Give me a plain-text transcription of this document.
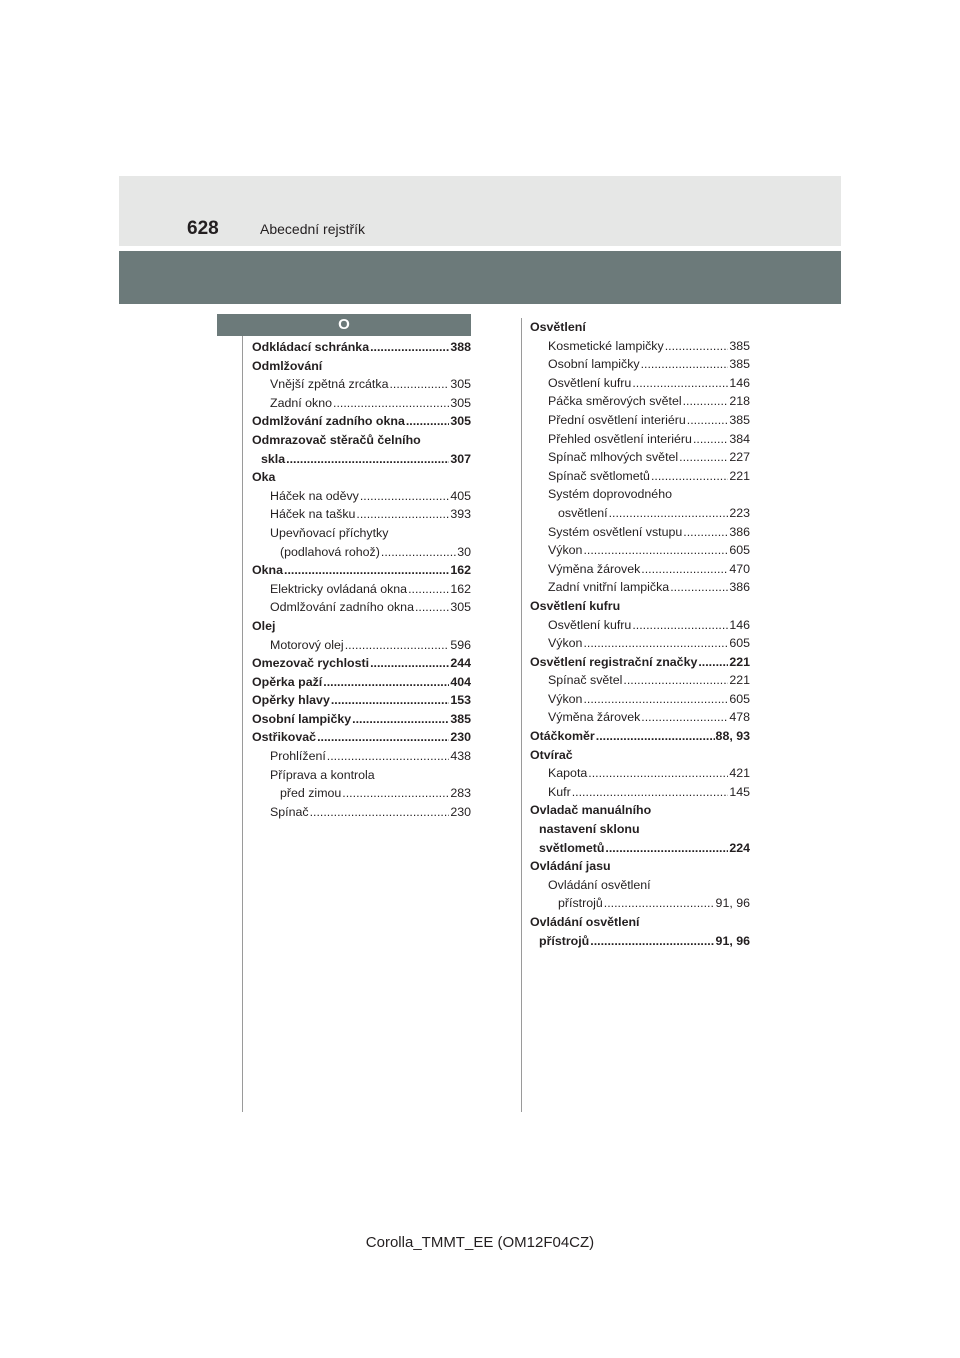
628	Abecední rejstřík
O
Odkládací schránka .....	388
Odmlžování
Vnější zpětná zrcátka .....	305
Zadní okno .....	305
Odmlžování zadního okna .....	305
Odmrazovač stěračů čelního
skla .....	307
Oka
Háček na oděvy .....	405
Háček na tašku .....	393
Upevňovací příchytky
(podlahová rohož) .....	30
Okna .....	162
Elektricky ovládaná okna .....	162
Odmlžování zadního okna .....	305
Olej
Motorový olej .....	596
Omezovač rychlosti .....	244
Opěrka paží .....	404
Opěrky hlavy .....	153
Osobní lampičky .....	385
Ostřikovač .....	230
Prohlížení .....	438
Příprava a kontrola
před zimou .....	283
Spínač .....	230
Osvětlení
Kosmetické lampičky .....	385
Osobní lampičky .....	385
Osvětlení kufru .....	146
Páčka směrových světel .....	218
Přední osvětlení interiéru .....	385
Přehled osvětlení interiéru .....	384
Spínač mlhových světel .....	227
Spínač světlometů .....	221
Systém doprovodného
osvětlení .....	223
Systém osvětlení vstupu .....	386
Výkon .....	605
Výměna žárovek .....	470
Zadní vnitřní lampička .....	386
Osvětlení kufru
Osvětlení kufru .....	146
Výkon .....	605
Osvětlení registrační značky .....	221
Spínač světel .....	221
Výkon .....	605
Výměna žárovek .....	478
Otáčkoměr .....	88, 93
Otvírač
Kapota .....	421
Kufr .....	145
Ovladač manuálního
nastavení sklonu
světlometů .....	224
Ovládání jasu
Ovládání osvětlení
přístrojů .....	91, 96
Ovládání osvětlení
přístrojů .....	91, 96
Corolla_TMMT_EE (OM12F04CZ)
